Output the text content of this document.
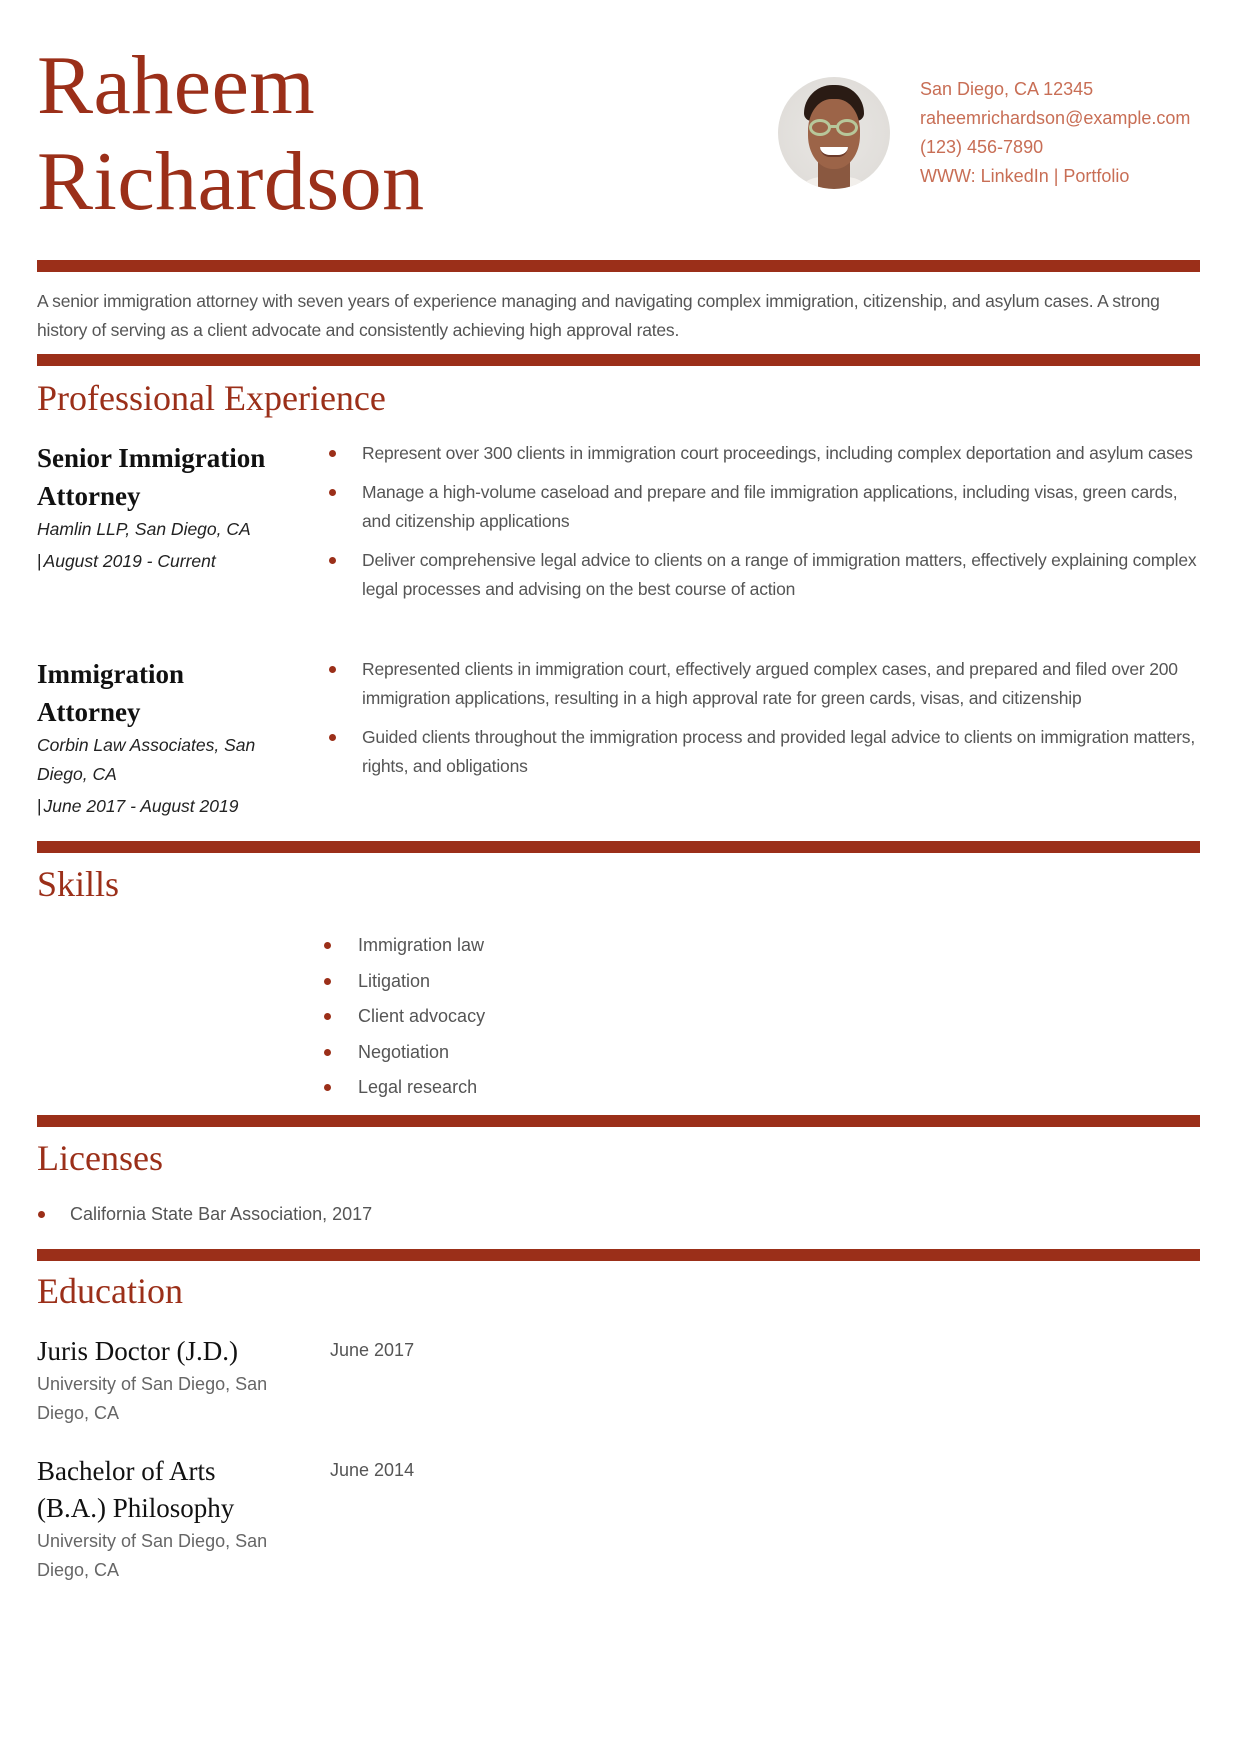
Raheem
Richardson
San Diego, CA 12345
raheemrichardson@example.com
(123) 456-7890
WWW: LinkedIn | Portfolio

A senior immigration attorney with seven years of experience managing and navigating complex immigration, citizenship, and asylum cases. A strong history of serving as a client advocate and consistently achieving high approval rates.

Professional Experience
Senior Immigration Attorney
Hamlin LLP, San Diego, CA
| August 2019 - Current
Represent over 300 clients in immigration court proceedings, including complex deportation and asylum cases
Manage a high-volume caseload and prepare and file immigration applications, including visas, green cards, and citizenship applications
Deliver comprehensive legal advice to clients on a range of immigration matters, effectively explaining complex legal processes and advising on the best course of action
Immigration Attorney
Corbin Law Associates, San Diego, CA
| June 2017 - August 2019
Represented clients in immigration court, effectively argued complex cases, and prepared and filed over 200 immigration applications, resulting in a high approval rate for green cards, visas, and citizenship
Guided clients throughout the immigration process and provided legal advice to clients on immigration matters, rights, and obligations
Skills
Immigration law
Litigation
Client advocacy
Negotiation
Legal research
Licenses
California State Bar Association, 2017
Education
Juris Doctor (J.D.)
University of San Diego, San Diego, CA
June 2017
Bachelor of Arts (B.A.) Philosophy
University of San Diego, San Diego, CA
June 2014
